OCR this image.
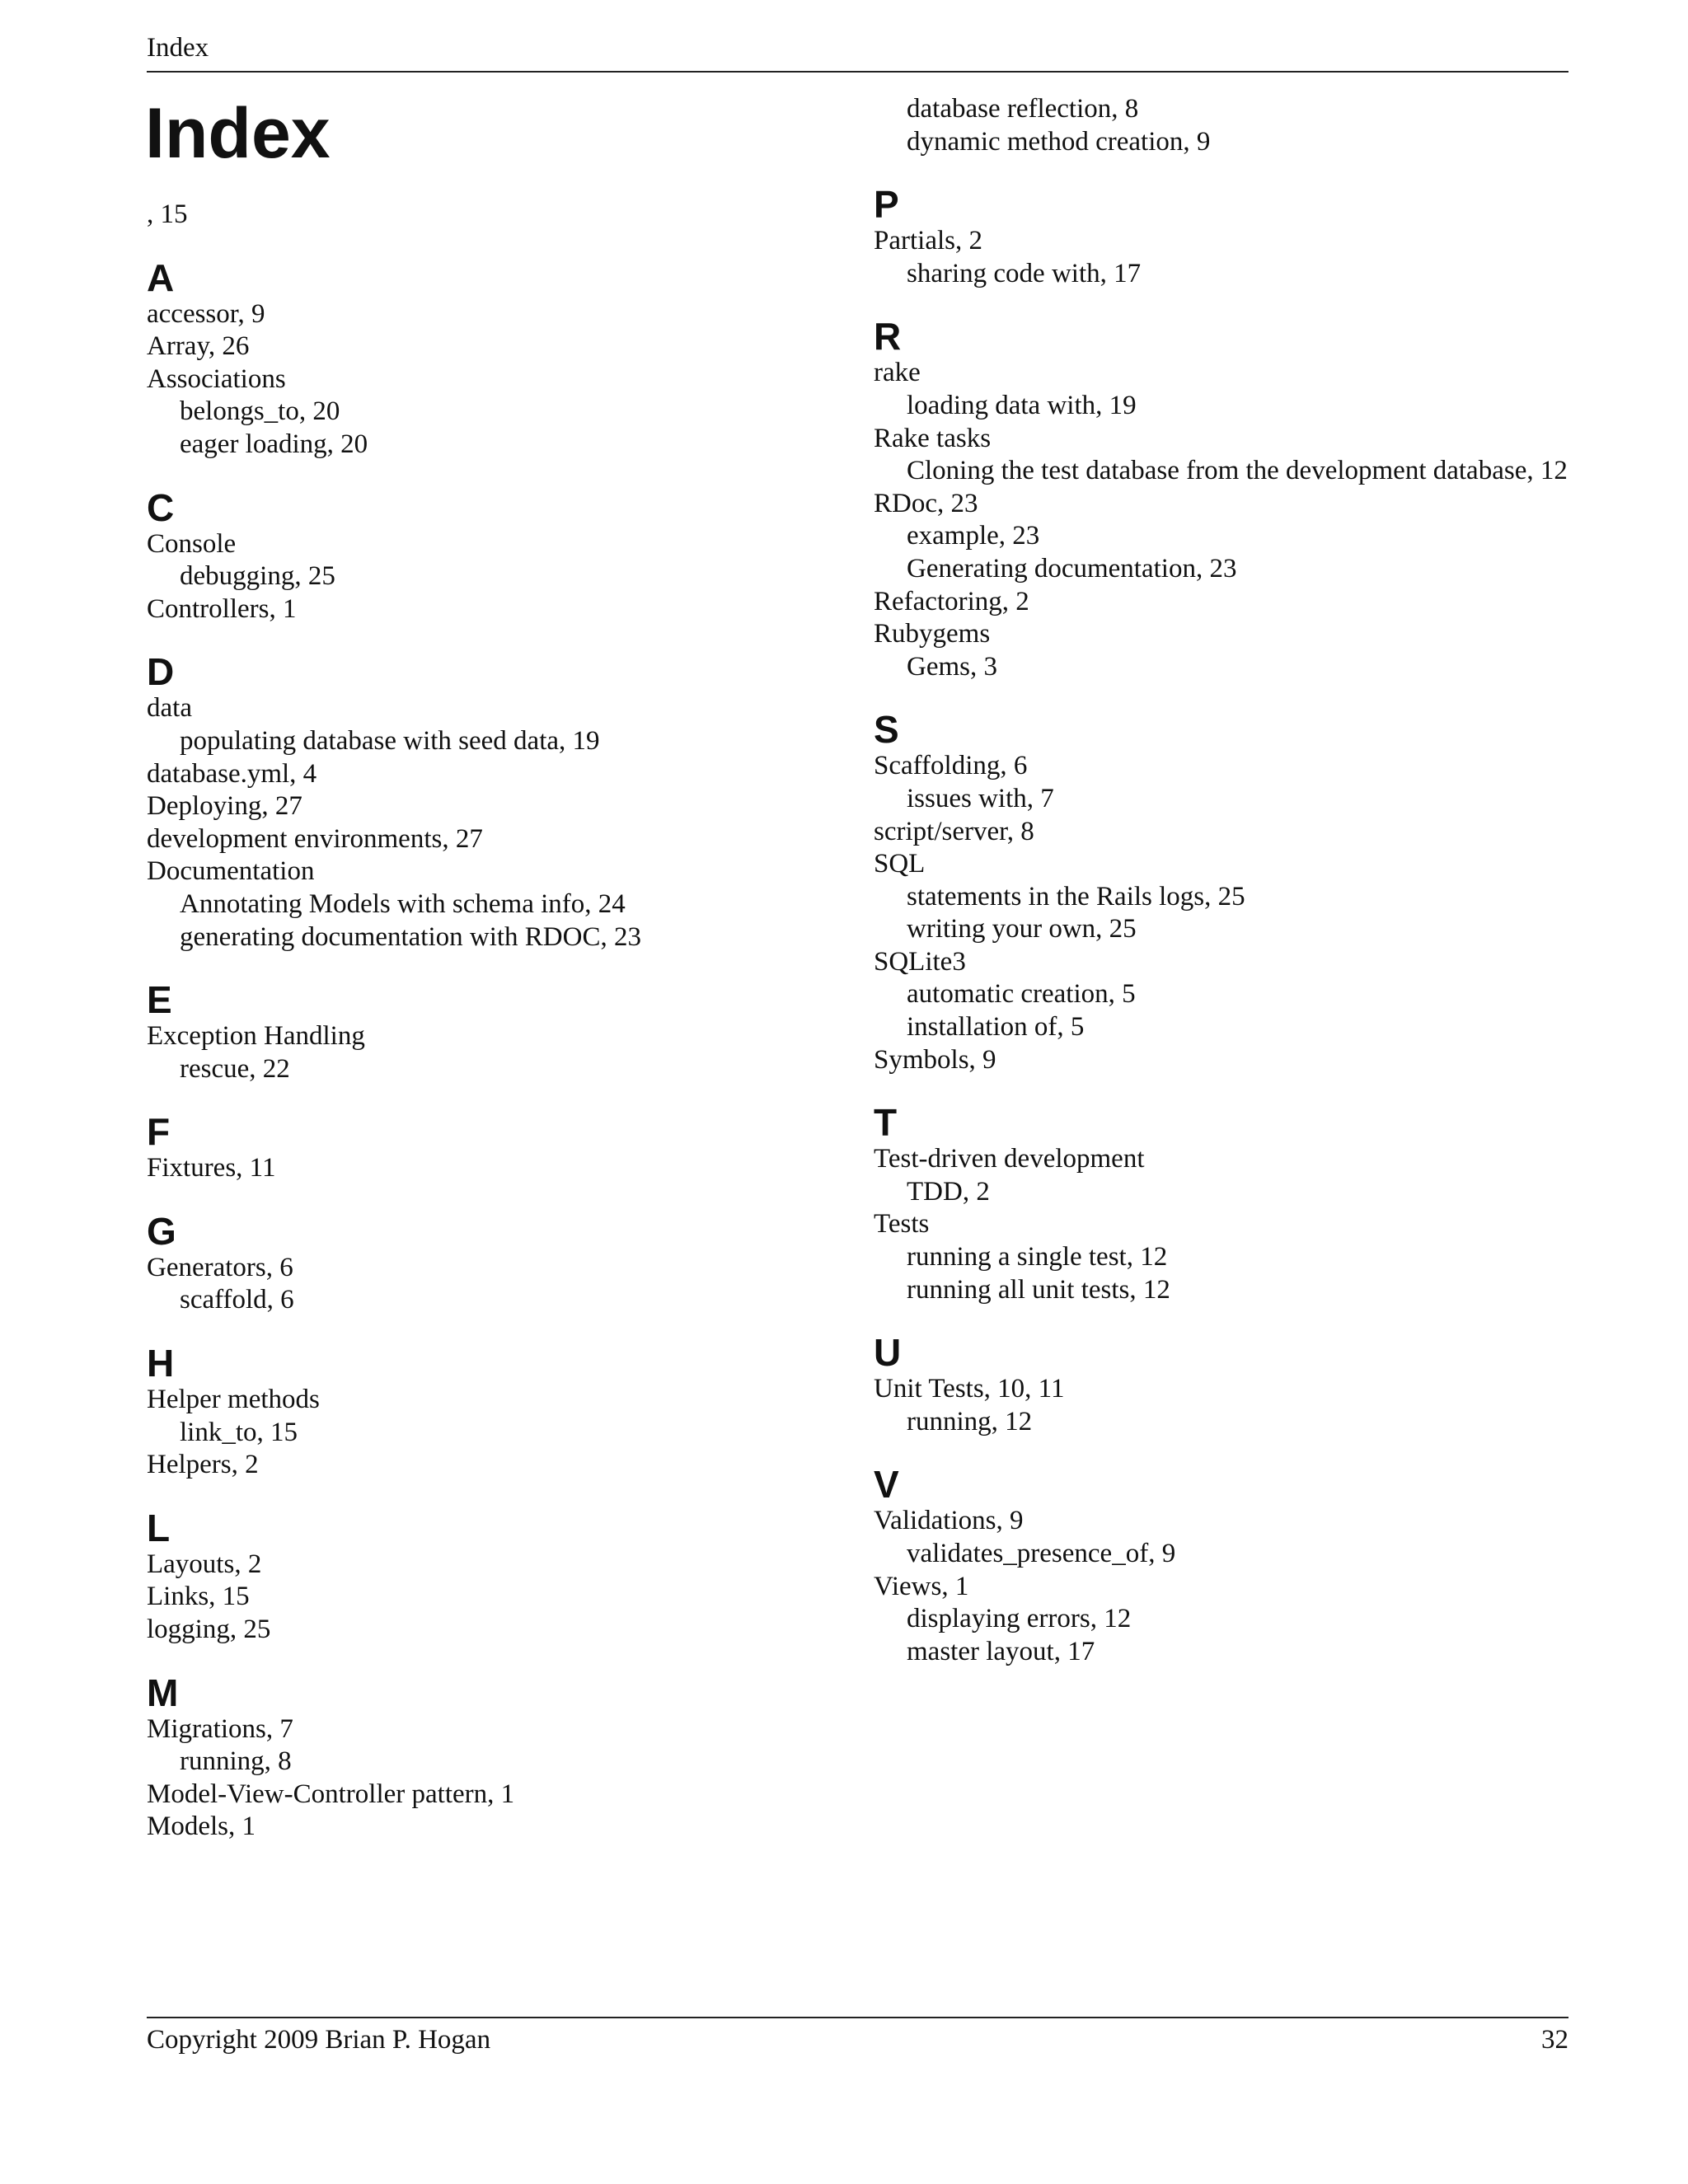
Index
Index
, 15
A
accessor, 9
Array, 26
Associations
belongs_to, 20
eager loading, 20
C
Console
debugging, 25
Controllers, 1
D
data
populating database with seed data, 19
database.yml, 4
Deploying, 27
development environments, 27
Documentation
Annotating Models with schema info, 24
generating documentation with RDOC, 23
E
Exception Handling
rescue, 22
F
Fixtures, 11
G
Generators, 6
scaffold, 6
H
Helper methods
link_to, 15
Helpers, 2
L
Layouts, 2
Links, 15
logging, 25
M
Migrations, 7
running, 8
Model-View-Controller pattern, 1
Models, 1
database reflection, 8
dynamic method creation, 9
P
Partials, 2
sharing code with, 17
R
rake
loading data with, 19
Rake tasks
Cloning the test database from the development database, 12
RDoc, 23
example, 23
Generating documentation, 23
Refactoring, 2
Rubygems
Gems, 3
S
Scaffolding, 6
issues with, 7
script/server, 8
SQL
statements in the Rails logs, 25
writing your own, 25
SQLite3
automatic creation, 5
installation of, 5
Symbols, 9
T
Test-driven development
TDD, 2
Tests
running a single test, 12
running all unit tests, 12
U
Unit Tests, 10, 11
running, 12
V
Validations, 9
validates_presence_of, 9
Views, 1
displaying errors, 12
master layout, 17
Copyright 2009 Brian P. Hogan	32
